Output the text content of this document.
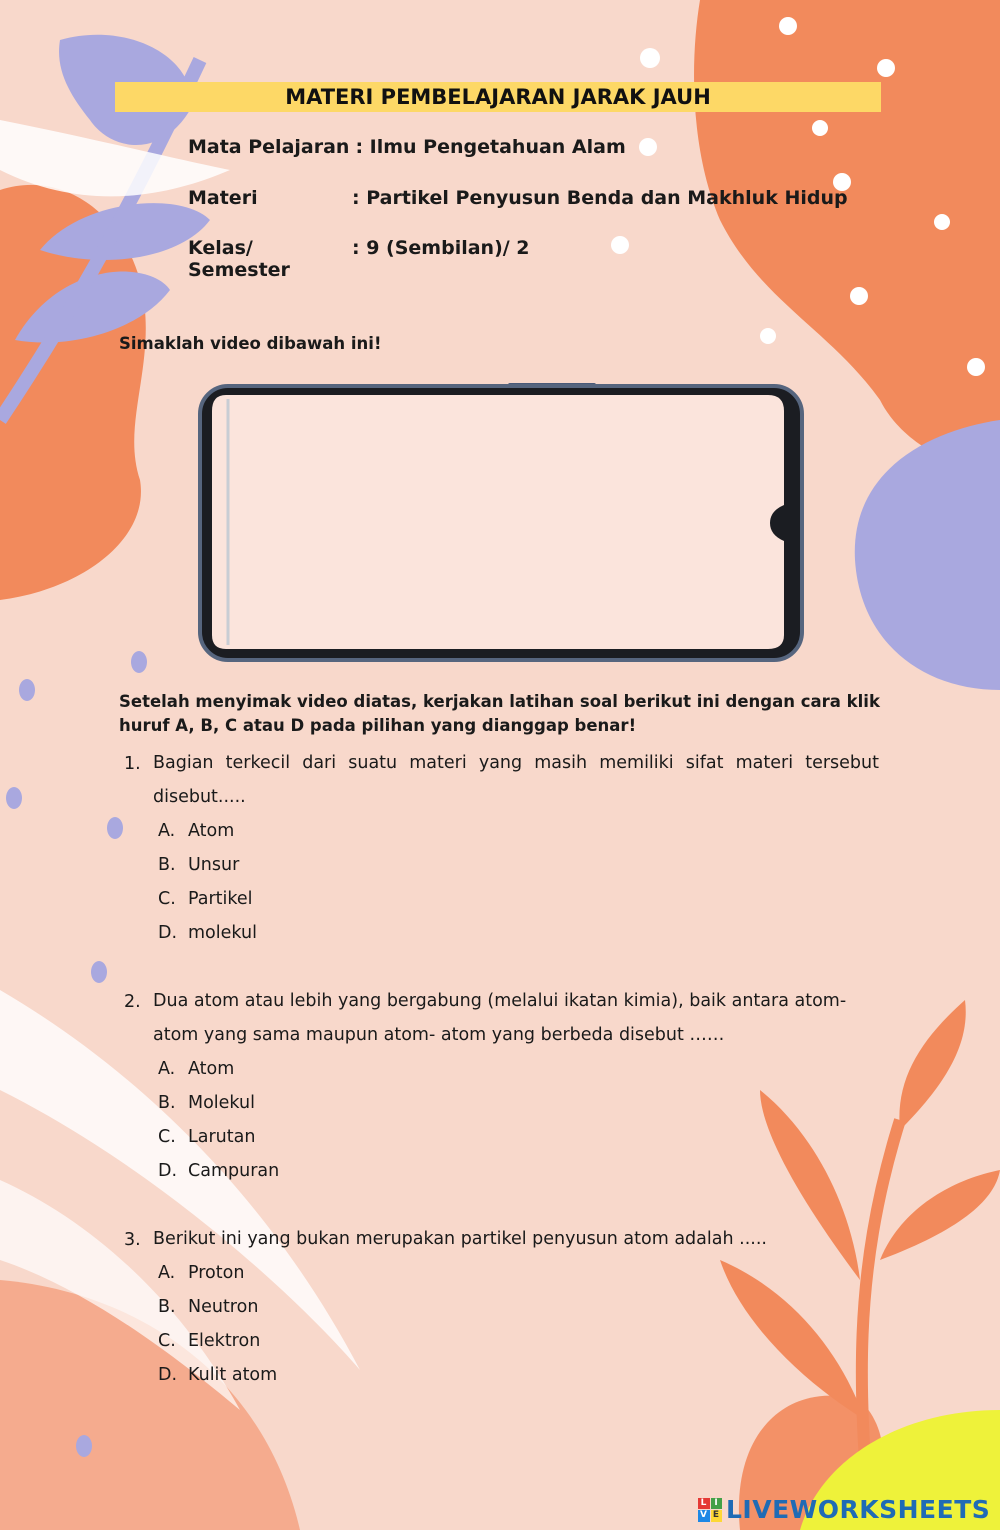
MATERI PEMBELAJARAN JARAK JAUH
Mata Pelajaran : Ilmu Pengetahuan Alam
Materi	: Partikel Penyusun Benda dan Makhluk Hidup
Kelas/ Semester
: 9 (Sembilan)/ 2
Simaklah video dibawah ini!
Setelah menyimak video diatas, kerjakan latihan soal berikut ini dengan cara klik
huruf A, B, C atau D pada pilihan yang dianggap benar!
1. Bagian terkecil dari suatu materi yang masih memiliki sifat materi tersebut
disebut.....
A. Atom
B. Unsur
C. Partikel
D. molekul
2. Dua atom atau lebih yang bergabung (melalui ikatan kimia), baik antara atom-
atom yang sama maupun atom- atom yang berbeda disebut ……
A. Atom
B. Molekul
C. Larutan
D. Campuran
3. Berikut ini yang bukan merupakan partikel penyusun atom adalah .....
A. Proton
B. Neutron
C. Elektron
D. Kulit atom
L I
V E LIVEWORKSHEETS
